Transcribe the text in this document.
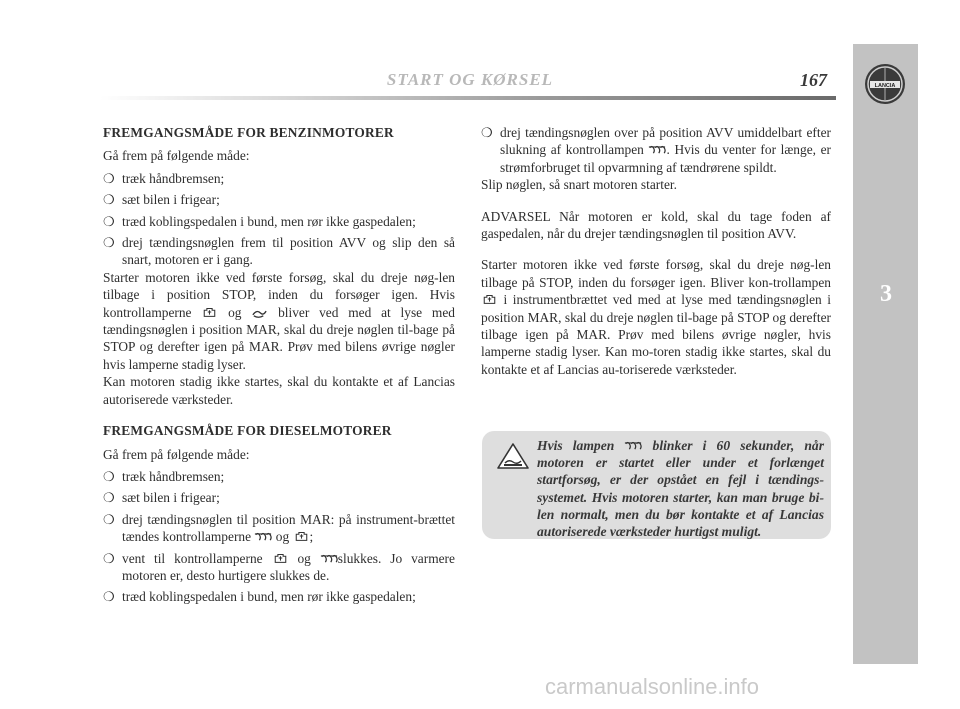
START OG KØRSEL	167	LANCIA
3
FREMGANGSMÅDE FOR BENZINMOTORER

Gå frem på følgende måde:

❍ træk håndbremsen;

❍ sæt bilen i frigear;

❍ træd koblingspedalen i bund, men rør ikke gaspedalen;

❍ drej tændingsnøglen frem til position AVV og slip den så snart, motoren er i gang.

Starter motoren ikke ved første forsøg, skal du dreje nøg-len tilbage i position STOP, inden du forsøger igen. Hvis kontrollamperne	og	bliver ved med at lyse med tændingsnøglen i position MAR, skal du dreje nøglen til-bage på STOP og derefter igen på MAR. Prøv med bilens øvrige nøgler hvis lamperne stadig lyser.

Kan motoren stadig ikke startes, skal du kontakte et af Lancias autoriserede værksteder.

FREMGANGSMÅDE FOR DIESELMOTORER

Gå frem på følgende måde:

❍ træk håndbremsen;

❍ sæt bilen i frigear;

❍ drej tændingsnøglen til position MAR: på instrument-brættet tændes kontrollamperne og ;

❍ vent til kontrollamperne	og slukkes. Jo varmere motoren er, desto hurtigere slukkes de.

❍ træd koblingspedalen i bund, men rør ikke gaspedalen;

❍ drej tændingsnøglen over på position AVV umiddelbart efter slukning af kontrollampen . Hvis du venter for længe, er strømforbruget til opvarmning af tændrørene spildt.

Slip nøglen, så snart motoren starter.

ADVARSEL Når motoren er kold, skal du tage foden af gaspedalen, når du drejer tændingsnøglen til position AVV.

Starter motoren ikke ved første forsøg, skal du dreje nøg-len tilbage på STOP, inden du forsøger igen. Bliver kon-trollampen  i instrumentbrættet ved med at lyse med tændingsnøglen i position MAR, skal du dreje nøglen til-bage på STOP og derefter tilbage igen på MAR. Prøv med bilens øvrige nøgler, hvis lamperne stadig lyser. Kan mo-toren stadig ikke startes, skal du kontakte et af Lancias au-toriserede værksteder.

Hvis lampen	blinker i 60 sekunder, når motoren er startet eller under et forlænget startforsøg, er der opstået en fejl i tændings-systemet. Hvis motoren starter, kan man bruge bi-len normalt, men du bør kontakte et af Lancias autoriserede værksteder hurtigst muligt.
carmanualsonline.info
